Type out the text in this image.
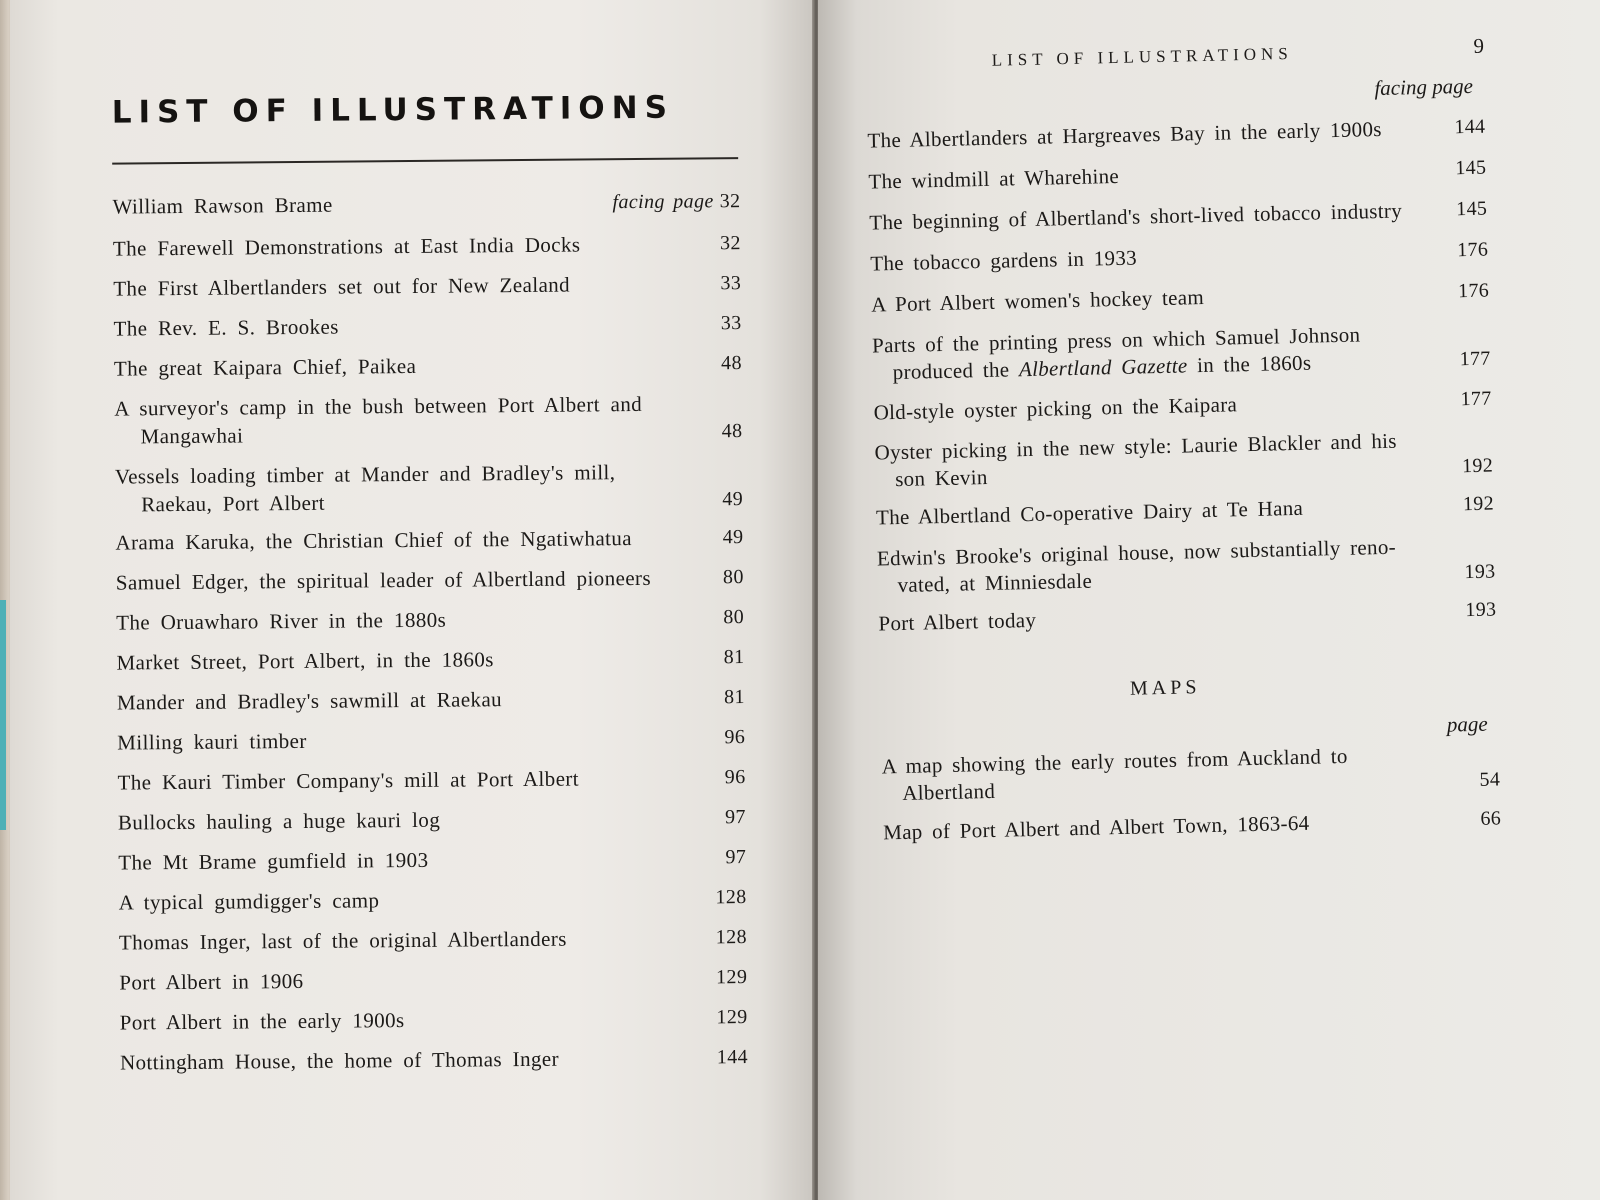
LIST OF ILLUSTRATIONS
William Rawson Brame	facing page 32
The Farewell Demonstrations at East India Docks	32
The First Albertlanders set out for New Zealand	33
The Rev. E. S. Brookes	33
The great Kaipara Chief, Paikea	48
A surveyor's camp in the bush between Port Albert and Mangawhai	48
Vessels loading timber at Mander and Bradley's mill, Raekau, Port Albert	49
Arama Karuka, the Christian Chief of the Ngatiwhatua	49
Samuel Edger, the spiritual leader of Albertland pioneers	80
The Oruawharo River in the 1880s	80
Market Street, Port Albert, in the 1860s	81
Mander and Bradley's sawmill at Raekau	81
Milling kauri timber	96
The Kauri Timber Company's mill at Port Albert	96
Bullocks hauling a huge kauri log	97
The Mt Brame gumfield in 1903	97
A typical gumdigger's camp	128
Thomas Inger, last of the original Albertlanders	128
Port Albert in 1906	129
Port Albert in the early 1900s	129
Nottingham House, the home of Thomas Inger	144
LIST OF ILLUSTRATIONS	9
facing page
The Albertlanders at Hargreaves Bay in the early 1900s	144
The windmill at Wharehine	145
The beginning of Albertland's short-lived tobacco industry	145
The tobacco gardens in 1933	176
A Port Albert women's hockey team	176
Parts of the printing press on which Samuel Johnson produced the Albertland Gazette in the 1860s	177
Old-style oyster picking on the Kaipara	177
Oyster picking in the new style: Laurie Blackler and his son Kevin	192
The Albertland Co-operative Dairy at Te Hana	192
Edwin's Brooke's original house, now substantially reno-vated, at Minniesdale	193
Port Albert today	193
MAPS
page
A map showing the early routes from Auckland to Albertland	54
Map of Port Albert and Albert Town, 1863-64	66
